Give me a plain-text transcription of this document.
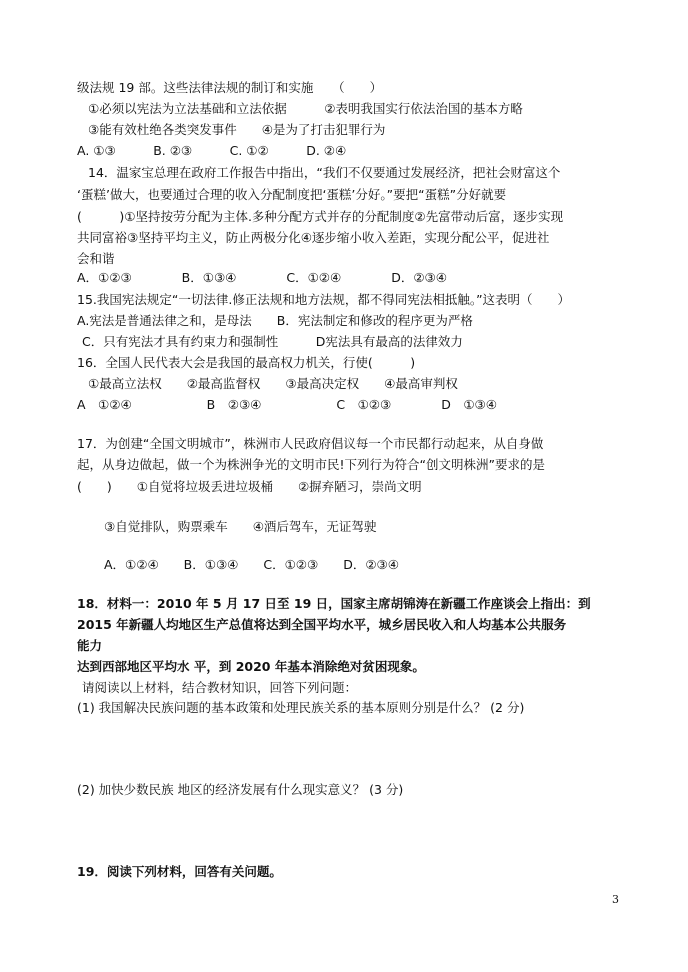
级法规 19 部。这些法律法规的制订和实施　　（　　）
①必须以宪法为立法基础和立法依据　　　②表明我国实行依法治国的基本方略
③能有效杜绝各类突发事件　　④是为了打击犯罪行为
A. ①③　　　B. ②③　　　C. ①②　　　D. ②④
14．温家宝总理在政府工作报告中指出，“我们不仅要通过发展经济，把社会财富这个
‘蛋糕’做大，也要通过合理的收入分配制度把‘蛋糕’分好。”要把“蛋糕”分好就要
(　　　)①坚持按劳分配为主体.多种分配方式并存的分配制度②先富带动后富，逐步实现
共同富裕③坚持平均主义，防止两极分化④逐步缩小收入差距，实现分配公平，促进社
会和谐
A．①②③　　　　B．①③④　　　　C．①②④　　　　D．②③④
15.我国宪法规定“一切法律.修正法规和地方法规，都不得同宪法相抵触。”这表明（　　）
A.宪法是普通法律之和，是母法　　B．宪法制定和修改的程序更为严格
C．只有宪法才具有约束力和强制性　　　D宪法具有最高的法律效力
16．全国人民代表大会是我国的最高权力机关，行使(　　　)
①最高立法权　　②最高监督权　　③最高决定权　　④最高审判权
A　①②④　　　　　　B　②③④　　　　　　C　①②③　　　　D　①③④
17．为创建“全国文明城市”，株洲市人民政府倡议每一个市民都行动起来，从自身做
起，从身边做起，做一个为株洲争光的文明市民!下列行为符合“创文明株洲”要求的是
(　　)　　①自觉将垃圾丢进垃圾桶　　②摒弃陋习，崇尚文明
③自觉排队，购票乘车　　④酒后驾车，无证驾驶
A．①②④　　B．①③④　　C．①②③　　D．②③④
18．材料一：2010 年 5 月 17 日至 19 日，国家主席胡锦涛在新疆工作座谈会上指出：到
2015 年新疆人均地区生产总值将达到全国平均水平，城乡居民收入和人均基本公共服务
能力
达到西部地区平均水 平，到 2020 年基本消除绝对贫困现象。
请阅读以上材料，结合教材知识，回答下列问题：
(1) 我国解决民族问题的基本政策和处理民族关系的基本原则分别是什么？ (2 分)
(2) 加快少数民族 地区的经济发展有什么现实意义？ (3 分)
19．阅读下列材料，回答有关问题。
3
